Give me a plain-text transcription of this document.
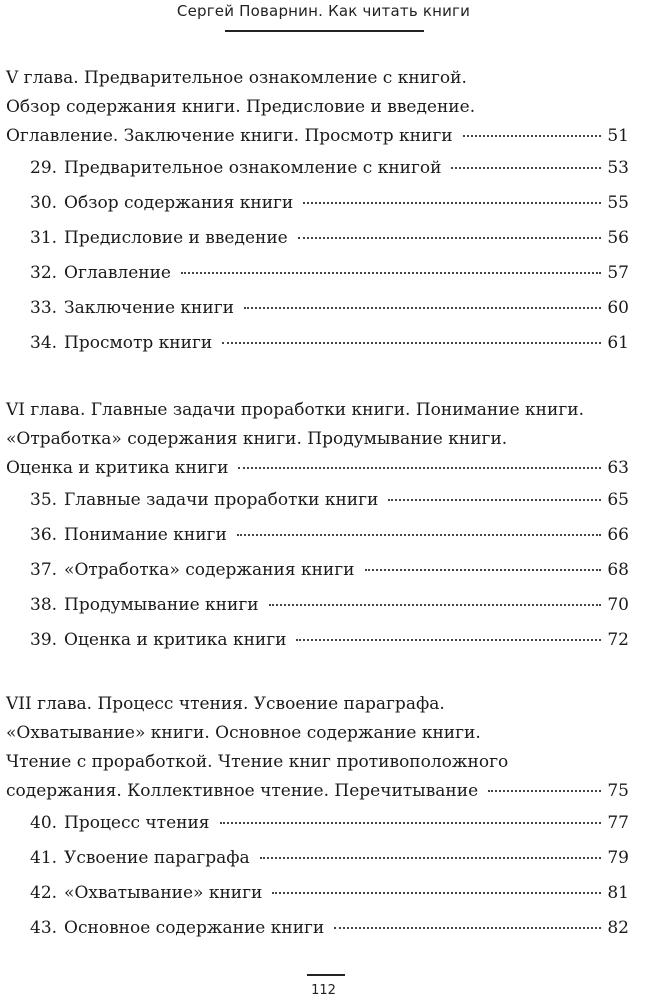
Сергей Поварнин. Как читать книги
V глава. Предварительное ознакомление с книгой.
Обзор содержания книги. Предисловие и введение.
Оглавление. Заключение книги. Просмотр книги	51
29. Предварительное ознакомление с книгой	53
30. Обзор содержания книги	55
31. Предисловие и введение	56
32. Оглавление	57
33. Заключение книги	60
34. Просмотр книги	61
VI глава. Главные задачи проработки книги. Понимание книги.
«Отработка» содержания книги. Продумывание книги.
Оценка и критика книги	63
35. Главные задачи проработки книги	65
36. Понимание книги	66
37. «Отработка» содержания книги	68
38. Продумывание книги	70
39. Оценка и критика книги	72
VII глава. Процесс чтения. Усвоение параграфа.
«Охватывание» книги. Основное содержание книги.
Чтение с проработкой. Чтение книг противоположного
содержания. Коллективное чтение. Перечитывание	75
40. Процесс чтения	77
41. Усвоение параграфа	79
42. «Охватывание» книги	81
43. Основное содержание книги	82
112
